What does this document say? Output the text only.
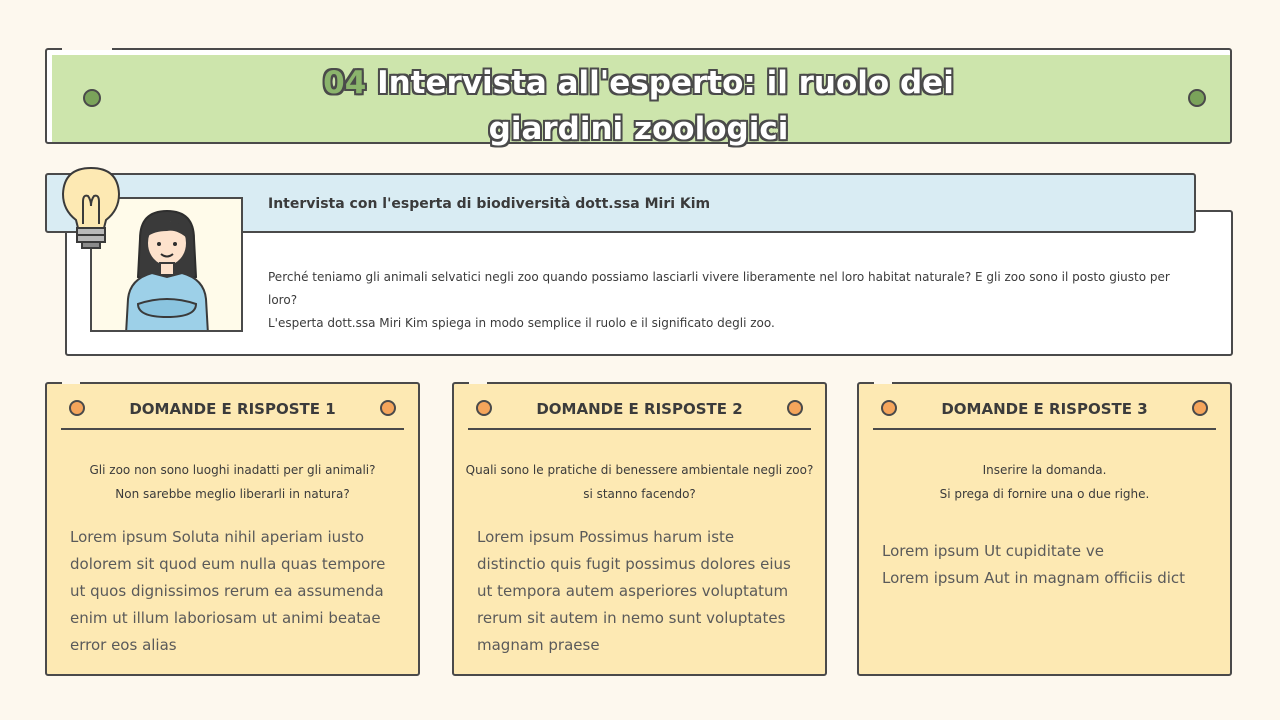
04 Intervista all'esperto: il ruolo dei giardini zoologici
Intervista con l'esperta di biodiversità dott.ssa Miri Kim
Perché teniamo gli animali selvatici negli zoo quando possiamo lasciarli vivere liberamente nel loro habitat naturale? E gli zoo sono il posto giusto per loro?
L'esperta dott.ssa Miri Kim spiega in modo semplice il ruolo e il significato degli zoo.
DOMANDE E RISPOSTE 1
Gli zoo non sono luoghi inadatti per gli animali?
Non sarebbe meglio liberarli in natura?
Lorem ipsum Soluta nihil aperiam iusto dolorem sit quod eum nulla quas tempore ut quos dignissimos rerum ea assumenda enim ut illum laboriosam ut animi beatae error eos alias
DOMANDE E RISPOSTE 2
Quali sono le pratiche di benessere ambientale negli zoo?
si stanno facendo?
Lorem ipsum Possimus harum iste distinctio quis fugit possimus dolores eius ut tempora autem asperiores voluptatum rerum sit autem in nemo sunt voluptates magnam praese
DOMANDE E RISPOSTE 3
Inserire la domanda.
Si prega di fornire una o due righe.
Lorem ipsum Ut cupiditate ve
Lorem ipsum Aut in magnam officiis dict
